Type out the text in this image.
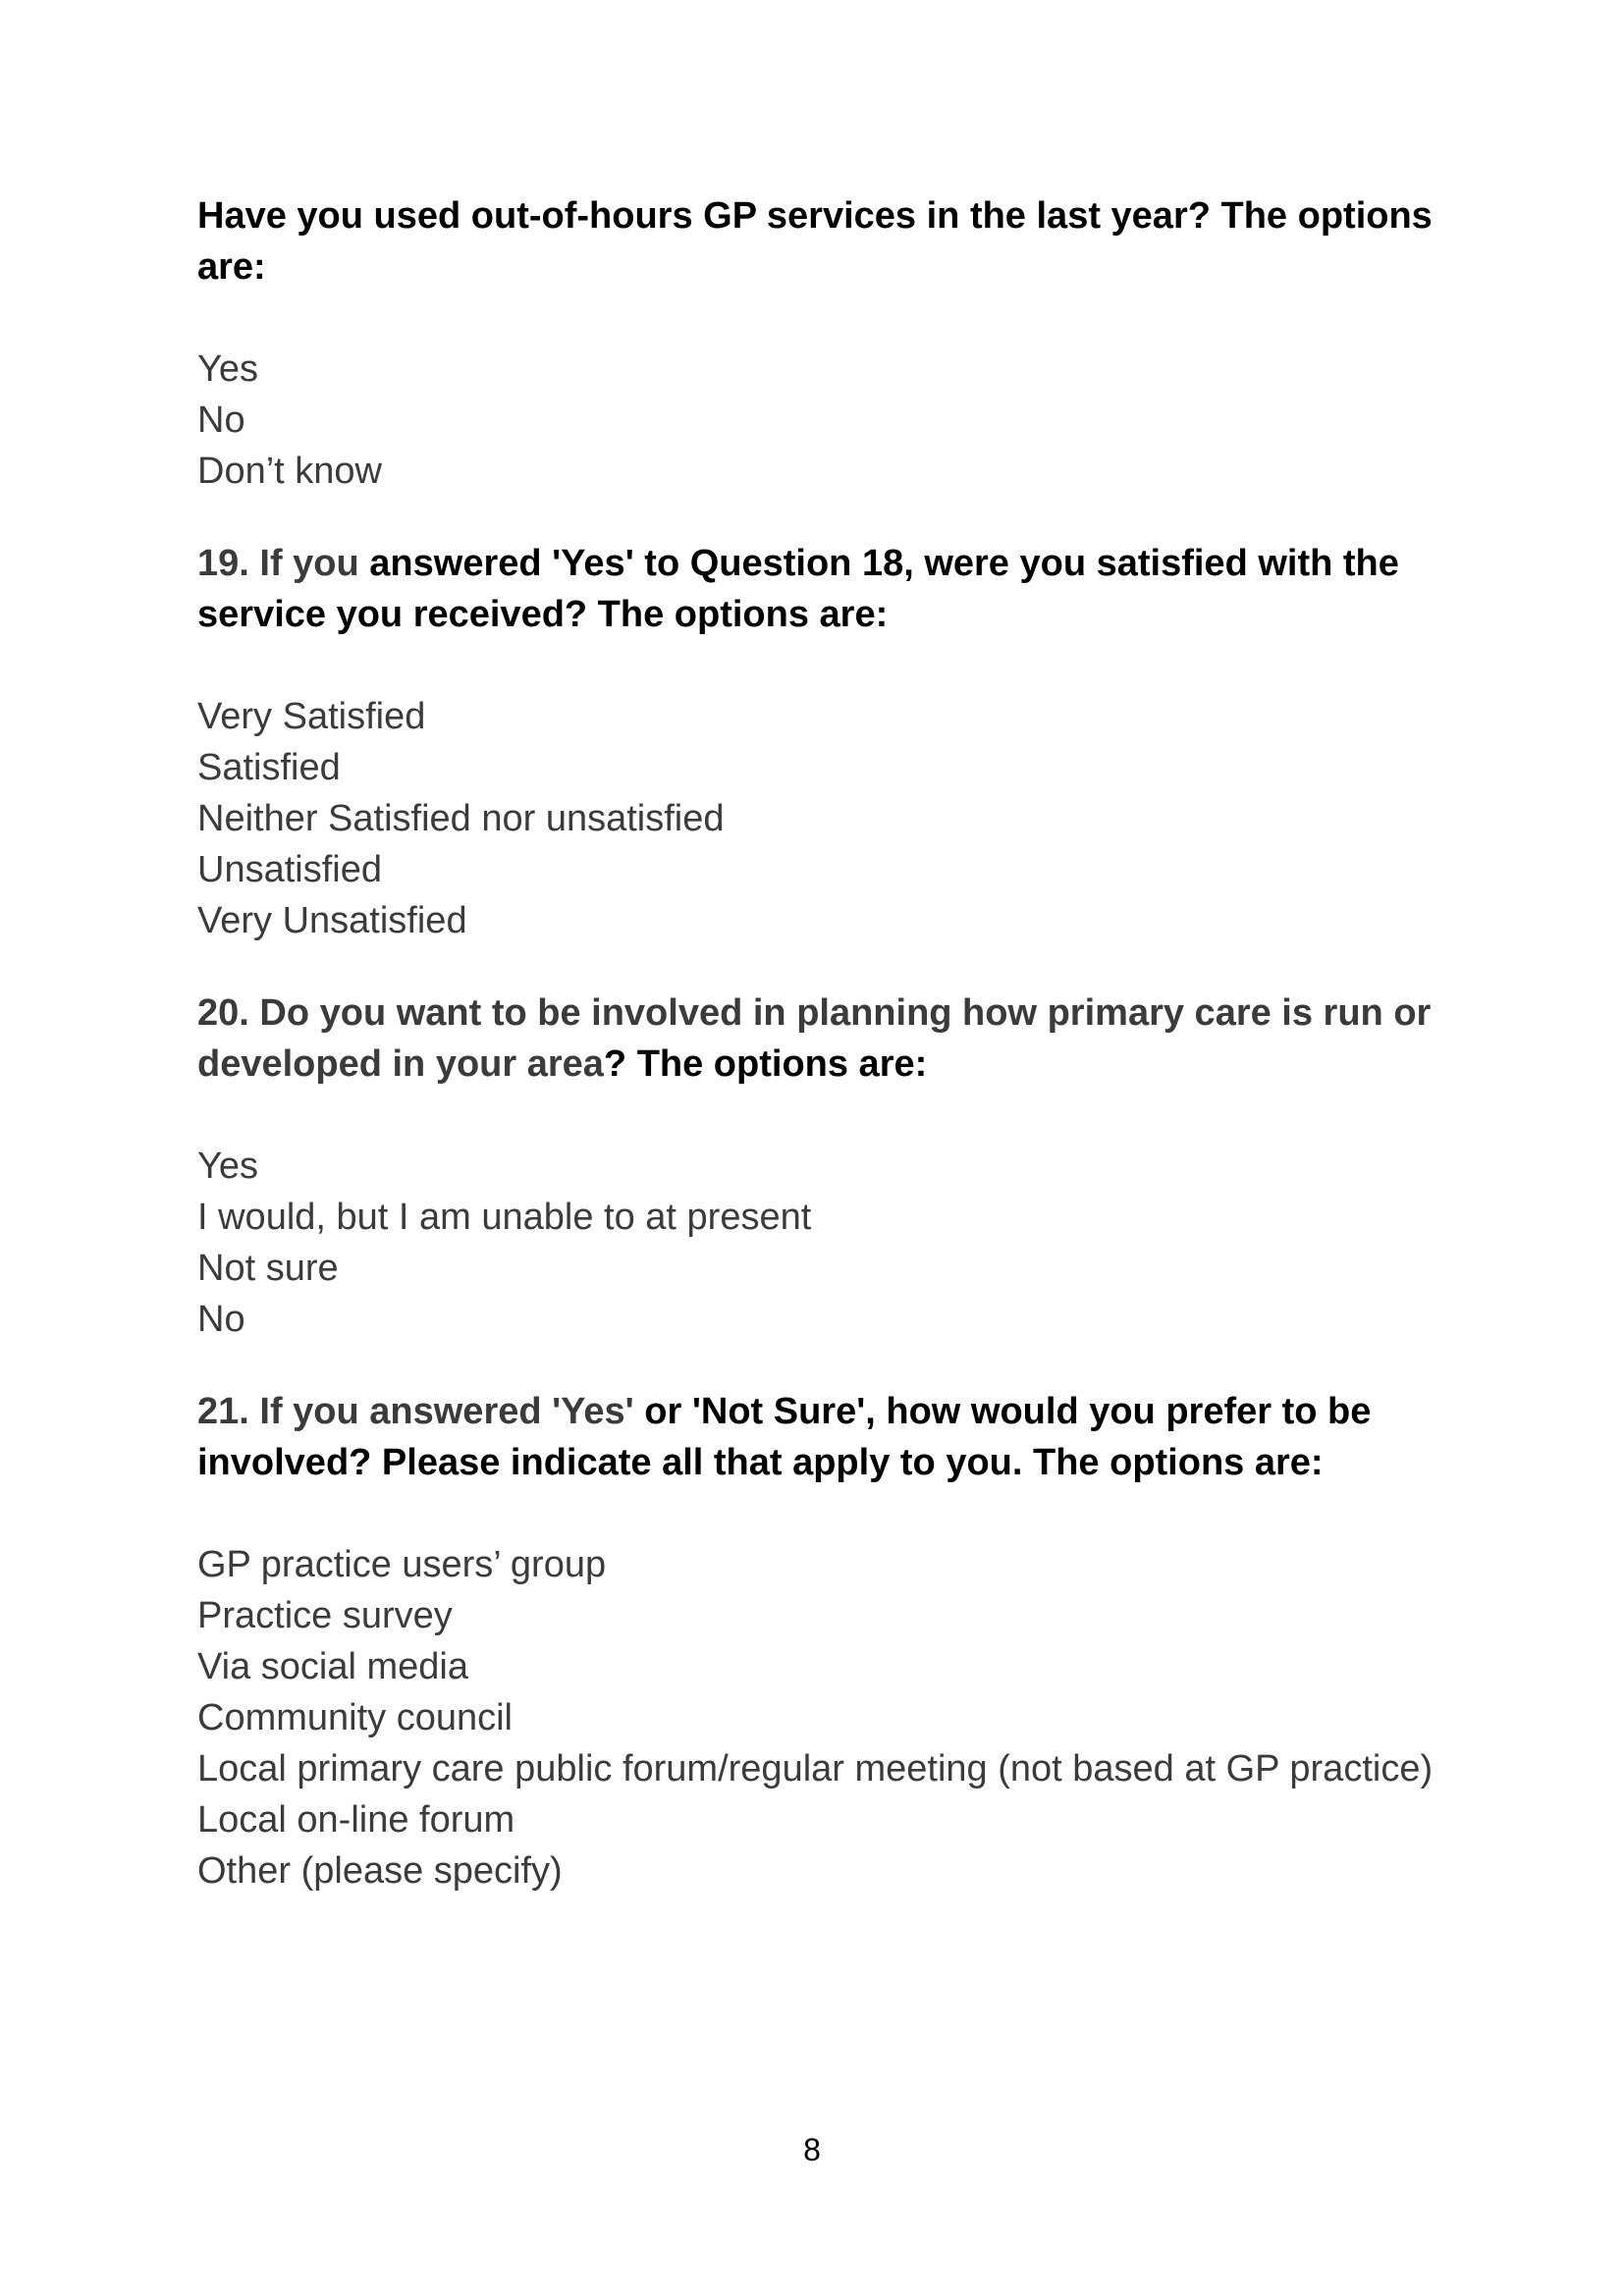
Have you used out-of-hours GP services in the last year? The options are:

Yes
No
Don’t know

19. If you answered 'Yes' to Question 18, were you satisfied with the service you received? The options are:

Very Satisfied
Satisfied
Neither Satisfied nor unsatisfied
Unsatisfied
Very Unsatisfied

20. Do you want to be involved in planning how primary care is run or developed in your area? The options are:

Yes
I would, but I am unable to at present
Not sure
No

21. If you answered 'Yes' or 'Not Sure', how would you prefer to be involved? Please indicate all that apply to you. The options are:

GP practice users’ group
Practice survey
Via social media
Community council
Local primary care public forum/regular meeting (not based at GP practice)
Local on-line forum
Other (please specify)
8
